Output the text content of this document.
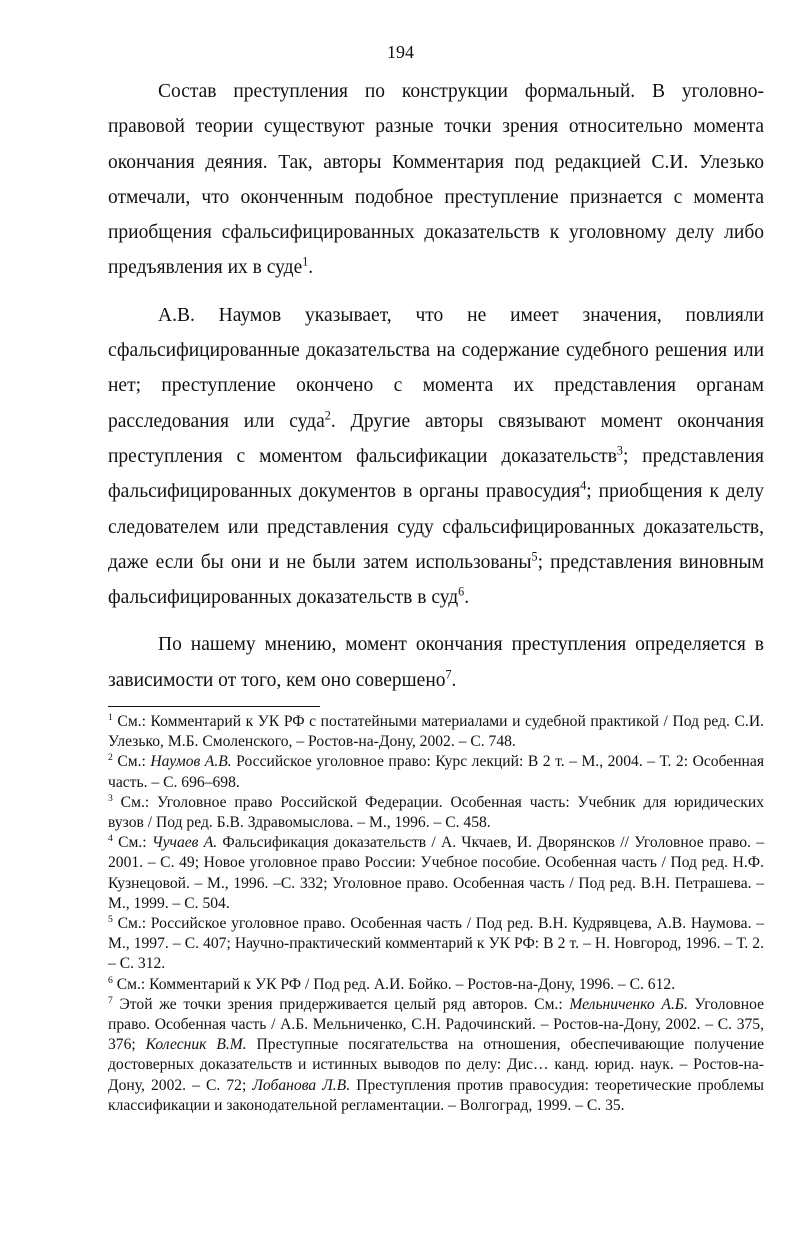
194

Состав преступления по конструкции формальный. В уголовно-правовой теории существуют разные точки зрения относительно момента окончания деяния. Так, авторы Комментария под редакцией С.И. Улезько отмечали, что оконченным подобное преступление признается с момента приобщения сфальсифицированных доказательств к уголовному делу либо предъявления их в суде$^1$.

А.В. Наумов указывает, что не имеет значения, повлияли сфальсифицированные доказательства на содержание судебного решения или нет; преступление окончено с момента их представления органам расследования или суда$^2$. Другие авторы связывают момент окончания преступления с моментом фальсификации доказательств$^3$; представления фальсифицированных документов в органы правосудия$^4$; приобщения к делу следователем или представления суду сфальсифицированных доказательств, даже если бы они и не были затем использованы$^5$; представления виновным фальсифицированных доказательств в суд$^6$.

По нашему мнению, момент окончания преступления определяется в зависимости от того, кем оно совершено$^7$.

$^1$ См.: Комментарий к УК РФ с постатейными материалами и судебной практикой / Под ред. С.И. Улезько, М.Б. Смоленского, – Ростов-на-Дону, 2002. – С. 748.

$^2$ См.: Наумов А.В. Российское уголовное право: Курс лекций: В 2 т. – М., 2004. – Т. 2: Особенная часть. – С. 696–698.

$^3$ См.: Уголовное право Российской Федерации. Особенная часть: Учебник для юридических вузов / Под ред. Б.В. Здравомыслова. – М., 1996. – С. 458.

$^4$ См.: Чучаев А. Фальсификация доказательств / А. Чкчаев, И. Дворянсков // Уголовное право. – 2001. – С. 49; Новое уголовное право России: Учебное пособие. Особенная часть / Под ред. Н.Ф. Кузнецовой. – М., 1996. –С. 332; Уголовное право. Особенная часть / Под ред. В.Н. Петрашева. – М., 1999. – С. 504.

$^5$ См.: Российское уголовное право. Особенная часть / Под ред. В.Н. Кудрявцева, А.В. Наумова. – М., 1997. – С. 407; Научно-практический комментарий к УК РФ: В 2 т. – Н. Новгород, 1996. – Т. 2. – С. 312.

$^6$ См.: Комментарий к УК РФ / Под ред. А.И. Бойко. – Ростов-на-Дону, 1996. – С. 612.

$^7$ Этой же точки зрения придерживается целый ряд авторов. См.: Мельниченко А.Б. Уголовное право. Особенная часть / А.Б. Мельниченко, С.Н. Радочинский. – Ростов-на-Дону, 2002. – С. 375, 376; Колесник В.М. Преступные посягательства на отношения, обеспечивающие получение достоверных доказательств и истинных выводов по делу: Дис… канд. юрид. наук. – Ростов-на-Дону, 2002. – С. 72; Лобанова Л.В. Преступления против правосудия: теоретические проблемы классификации и законодательной регламентации. – Волгоград, 1999. – С. 35.
